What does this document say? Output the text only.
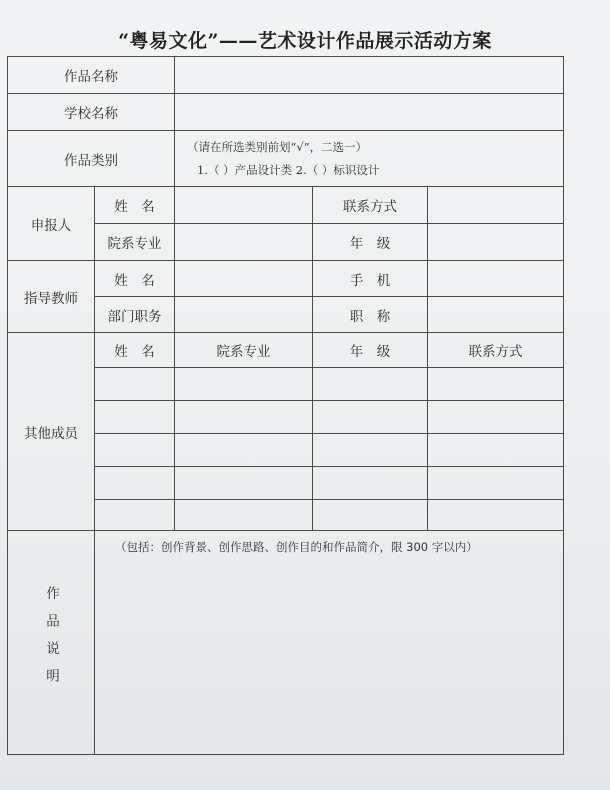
“粤易文化”——艺术设计作品展示活动方案
作品名称				
学校名称				
作品类别		（请在所选类别前划“√”，二选一）
1.（ ）产品设计类 2.（ ）标识设计		

申报人	姓　名		联系方式	
	院系专业		年　级	
指导教师	姓　名		手　机	
	部门职务		职　称	
其他成员	姓　名	院系专业	年　级	联系方式

作品说明	（包括：创作背景、创作思路、创作目的和作品简介，限 300 字以内）			
